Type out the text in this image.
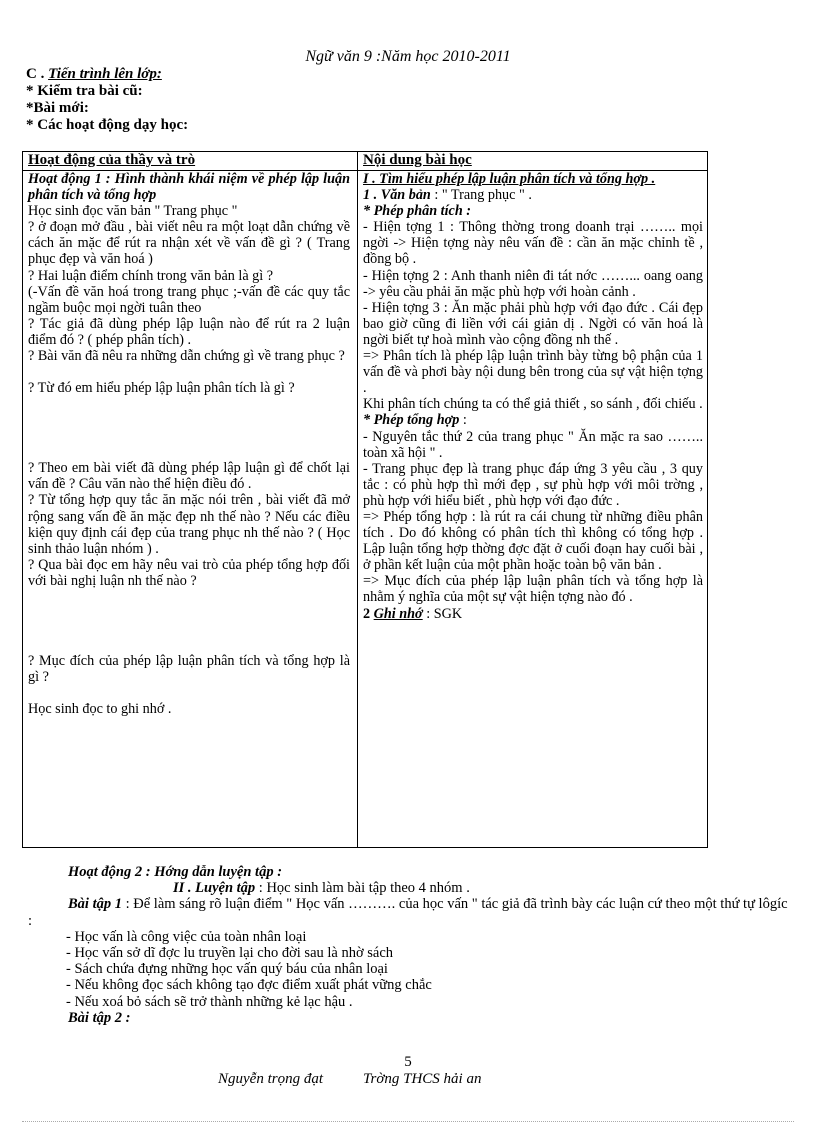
Ngữ văn 9 :Năm học 2010-2011
C . Tiến trình lên lớp:
* Kiểm tra bài cũ:
*Bài mới:
* Các hoạt động dạy học:
Hoạt động của thầy và trò
Hoạt động 1 : Hình thành khái niệm về phép lập luận phân tích và tổng hợp
Học sinh đọc văn bản " Trang phục "
? ở đoạn mở đầu , bài viết nêu ra một loạt dẫn chứng về cách ăn mặc để rút ra nhận xét về vấn đề gì ? ( Trang phục đẹp và văn hoá )
? Hai luận điểm chính trong văn bản là gì ?
(-Vấn đề văn hoá trong trang phục ;-vấn đề các quy tắc ngầm buộc mọi ngời tuân theo
? Tác giả đã dùng phép lập luận nào để rút ra 2 luận điểm đó ? ( phép phân tích) .
? Bài văn đã nêu ra những dẫn chứng gì về trang phục ?
? Từ đó em hiểu phép lập luận phân tích là gì ?
? Theo em bài viết đã dùng phép lập luận gì để chốt lại vấn đề ? Câu văn nào thể hiện điều đó .
? Từ tổng hợp quy tắc ăn mặc nói trên , bài viết đã mở rộng sang vấn đề ăn mặc đẹp nh thế nào ? Nếu các điều kiện quy định cái đẹp của trang phục nh thế nào ? ( Học sinh thảo luận nhóm ) .
? Qua bài đọc em hãy nêu vai trò của phép tổng hợp đối với bài nghị luận nh thế nào ?
? Mục đích của phép lập luận phân tích và tổng hợp là gì ?
Học sinh đọc to ghi nhớ .
Nội dung bài học
I . Tìm hiểu phép lập luận phân tích và tổng hợp .
1 . Văn bản : " Trang phục " .
* Phép phân tích :
- Hiện tợng 1 : Thông thờng trong doanh trại …….. mọi ngời -> Hiện tợng này nêu vấn đề : cần ăn mặc chỉnh tề , đồng bộ .
- Hiện tợng 2 : Anh thanh niên đi tát nớc ……... oang oang -> yêu cầu phải ăn mặc phù hợp với hoàn cảnh .
- Hiện tợng 3 : Ăn mặc phải phù hợp với đạo đức . Cái đẹp bao giờ cũng đi liền với cái giản dị . Ngời có văn hoá là ngời biết tự hoà mình vào cộng đồng nh thế .
=> Phân tích là phép lập luận trình bày từng bộ phận của 1 vấn đề và phơi bày nội dung bên trong của sự vật hiện tợng .
Khi phân tích chúng ta có thể giả thiết , so sánh , đối chiếu .
* Phép tổng hợp :
- Nguyên tắc thứ 2 của trang phục " Ăn mặc ra sao …….. toàn xã hội " .
- Trang phục đẹp là trang phục đáp ứng 3 yêu cầu , 3 quy tắc : có phù hợp thì mới đẹp , sự phù hợp với môi trờng , phù hợp với hiểu biết , phù hợp với đạo đức .
=> Phép tổng hợp : là rút ra cái chung từ những điều phân tích . Do đó không có phân tích thì không có tổng hợp . Lập luận tổng hợp thờng đợc đặt ở cuối đoạn hay cuối bài , ở phần kết luận của một phần hoặc toàn bộ văn bản .
=> Mục đích của phép lập luận phân tích và tổng hợp là nhằm ý nghĩa của một sự vật hiện tợng nào đó .
2 Ghi nhớ : SGK
Hoạt động 2 : Hớng dẫn luyện tập :
II . Luyện tập : Học sinh làm bài tập theo 4 nhóm .
Bài tập 1 : Để làm sáng rõ luận điểm " Học vấn ………. của học vấn " tác giả đã trình bày các luận cứ theo một thứ tự lôgíc :
- Học vấn là công việc của toàn nhân loại
- Học vấn sở dĩ đợc lu truyền lại cho đời sau là nhờ sách
- Sách chứa đựng những học vấn quý báu của nhân loại
- Nếu không đọc sách không tạo đợc điểm xuất phát vững chắc
- Nếu xoá bỏ sách sẽ trở thành những kẻ lạc hậu .
Bài tập 2 :
5
Nguyễn trọng đạt	Trờng THCS hải an
